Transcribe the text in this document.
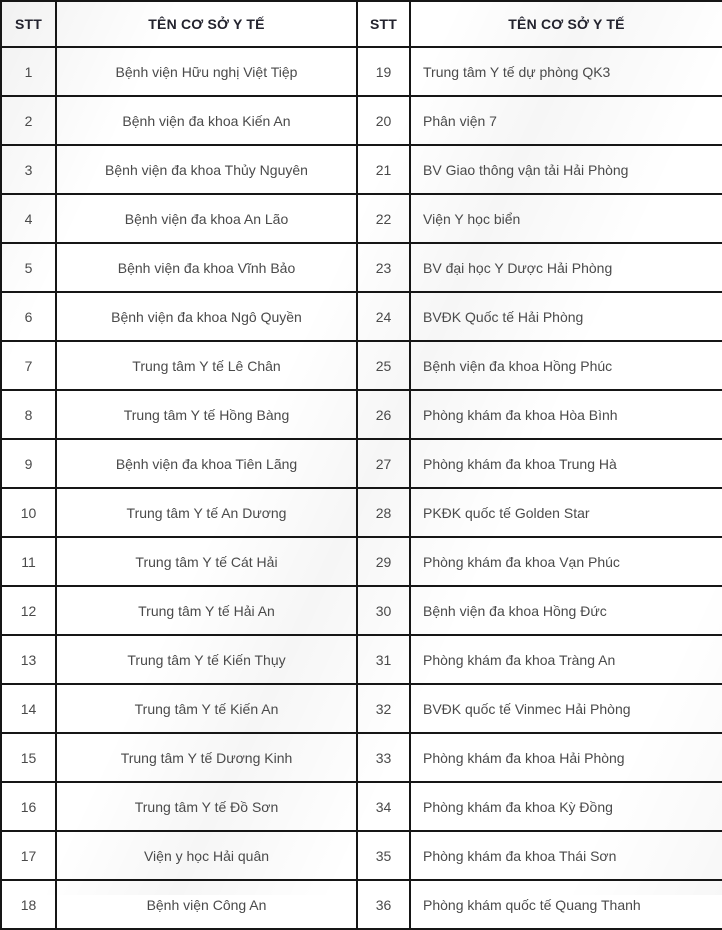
STT	TÊN CƠ SỞ Y TẾ	STT	TÊN CƠ SỞ Y TẾ
1	Bệnh viện Hữu nghị Việt Tiệp	19	Trung tâm Y tế dự phòng QK3
2	Bệnh viện đa khoa Kiến An	20	Phân viện 7
3	Bệnh viện đa khoa Thủy Nguyên	21	BV Giao thông vận tải Hải Phòng
4	Bệnh viện đa khoa An Lão	22	Viện Y học biển
5	Bệnh viện đa khoa Vĩnh Bảo	23	BV đại học Y Dược Hải Phòng
6	Bệnh viện đa khoa Ngô Quyền	24	BVĐK Quốc tế Hải Phòng
7	Trung tâm Y tế Lê Chân	25	Bệnh viện đa khoa Hồng Phúc
8	Trung tâm Y tế Hồng Bàng	26	Phòng khám đa khoa Hòa Bình
9	Bệnh viện đa khoa Tiên Lãng	27	Phòng khám đa khoa Trung Hà
10	Trung tâm Y tế An Dương	28	PKĐK quốc tế Golden Star
11	Trung tâm Y tế Cát Hải	29	Phòng khám đa khoa Vạn Phúc
12	Trung tâm Y tế Hải An	30	Bệnh viện đa khoa Hồng Đức
13	Trung tâm Y tế Kiến Thụy	31	Phòng khám đa khoa Tràng An
14	Trung tâm Y tế Kiến An	32	BVĐK quốc tế Vinmec Hải Phòng
15	Trung tâm Y tế Dương Kinh	33	Phòng khám đa khoa Hải Phòng
16	Trung tâm Y tế Đồ Sơn	34	Phòng khám đa khoa Kỳ Đồng
17	Viện y học Hải quân	35	Phòng khám đa khoa Thái Sơn
18	Bệnh viện Công An	36	Phòng khám quốc tế Quang Thanh
